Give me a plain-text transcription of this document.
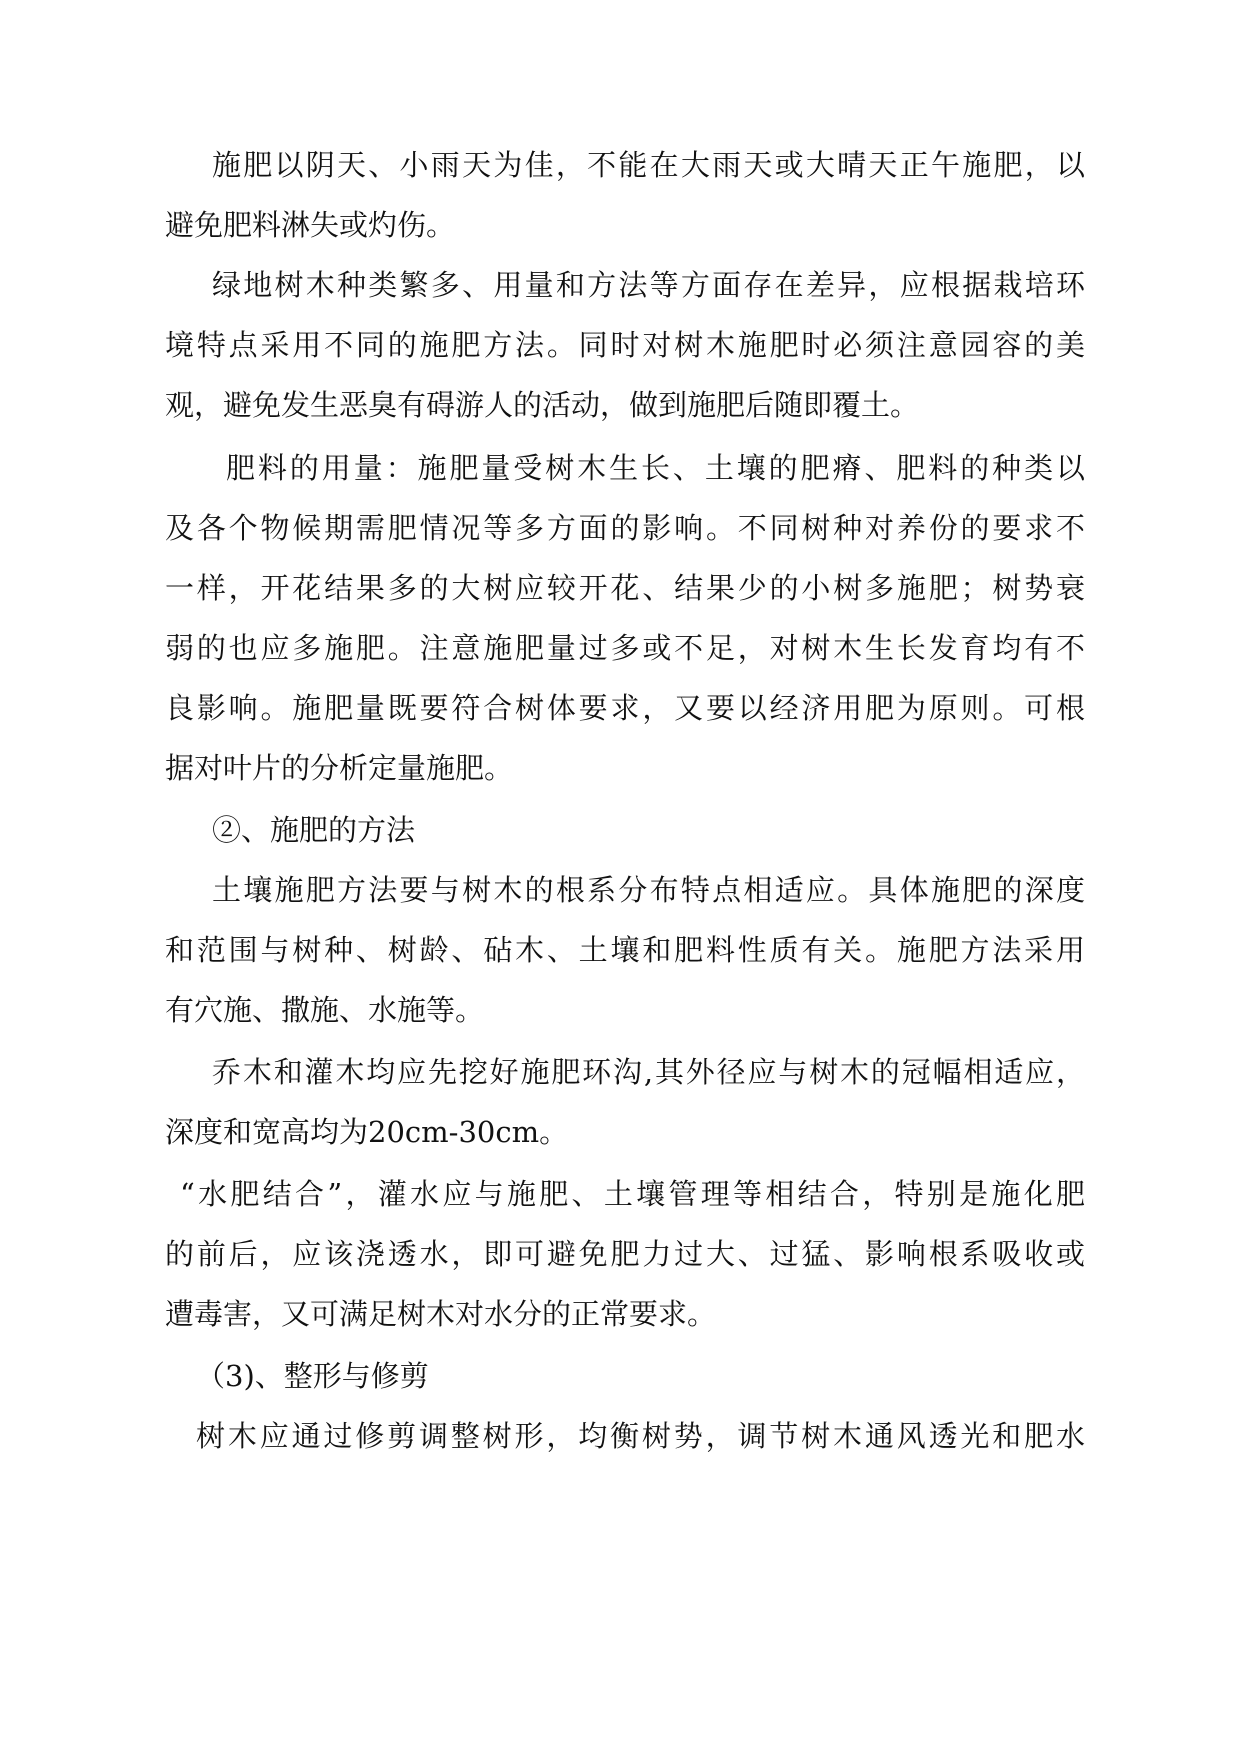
施肥以阴天、小雨天为佳，不能在大雨天或大晴天正午施肥，以
避免肥料淋失或灼伤。
绿地树木种类繁多、用量和方法等方面存在差异，应根据栽培环
境特点采用不同的施肥方法。同时对树木施肥时必须注意园容的美
观，避免发生恶臭有碍游人的活动，做到施肥后随即覆土。
肥料的用量：施肥量受树木生长、土壤的肥瘠、肥料的种类以
及各个物候期需肥情况等多方面的影响。不同树种对养份的要求不
一样，开花结果多的大树应较开花、结果少的小树多施肥；树势衰
弱的也应多施肥。注意施肥量过多或不足，对树木生长发育均有不
良影响。施肥量既要符合树体要求，又要以经济用肥为原则。可根
据对叶片的分析定量施肥。
②、施肥的方法
土壤施肥方法要与树木的根系分布特点相适应。具体施肥的深度
和范围与树种、树龄、砧木、土壤和肥料性质有关。施肥方法采用
有穴施、撒施、水施等。
乔木和灌木均应先挖好施肥环沟,其外径应与树木的冠幅相适应，
深度和宽高均为20cm-30cm。
“水肥结合”，灌水应与施肥、土壤管理等相结合，特别是施化肥
的前后，应该浇透水，即可避免肥力过大、过猛、影响根系吸收或
遭毒害，又可满足树木对水分的正常要求。
（3)、整形与修剪
树木应通过修剪调整树形，均衡树势，调节树木通风透光和肥水
